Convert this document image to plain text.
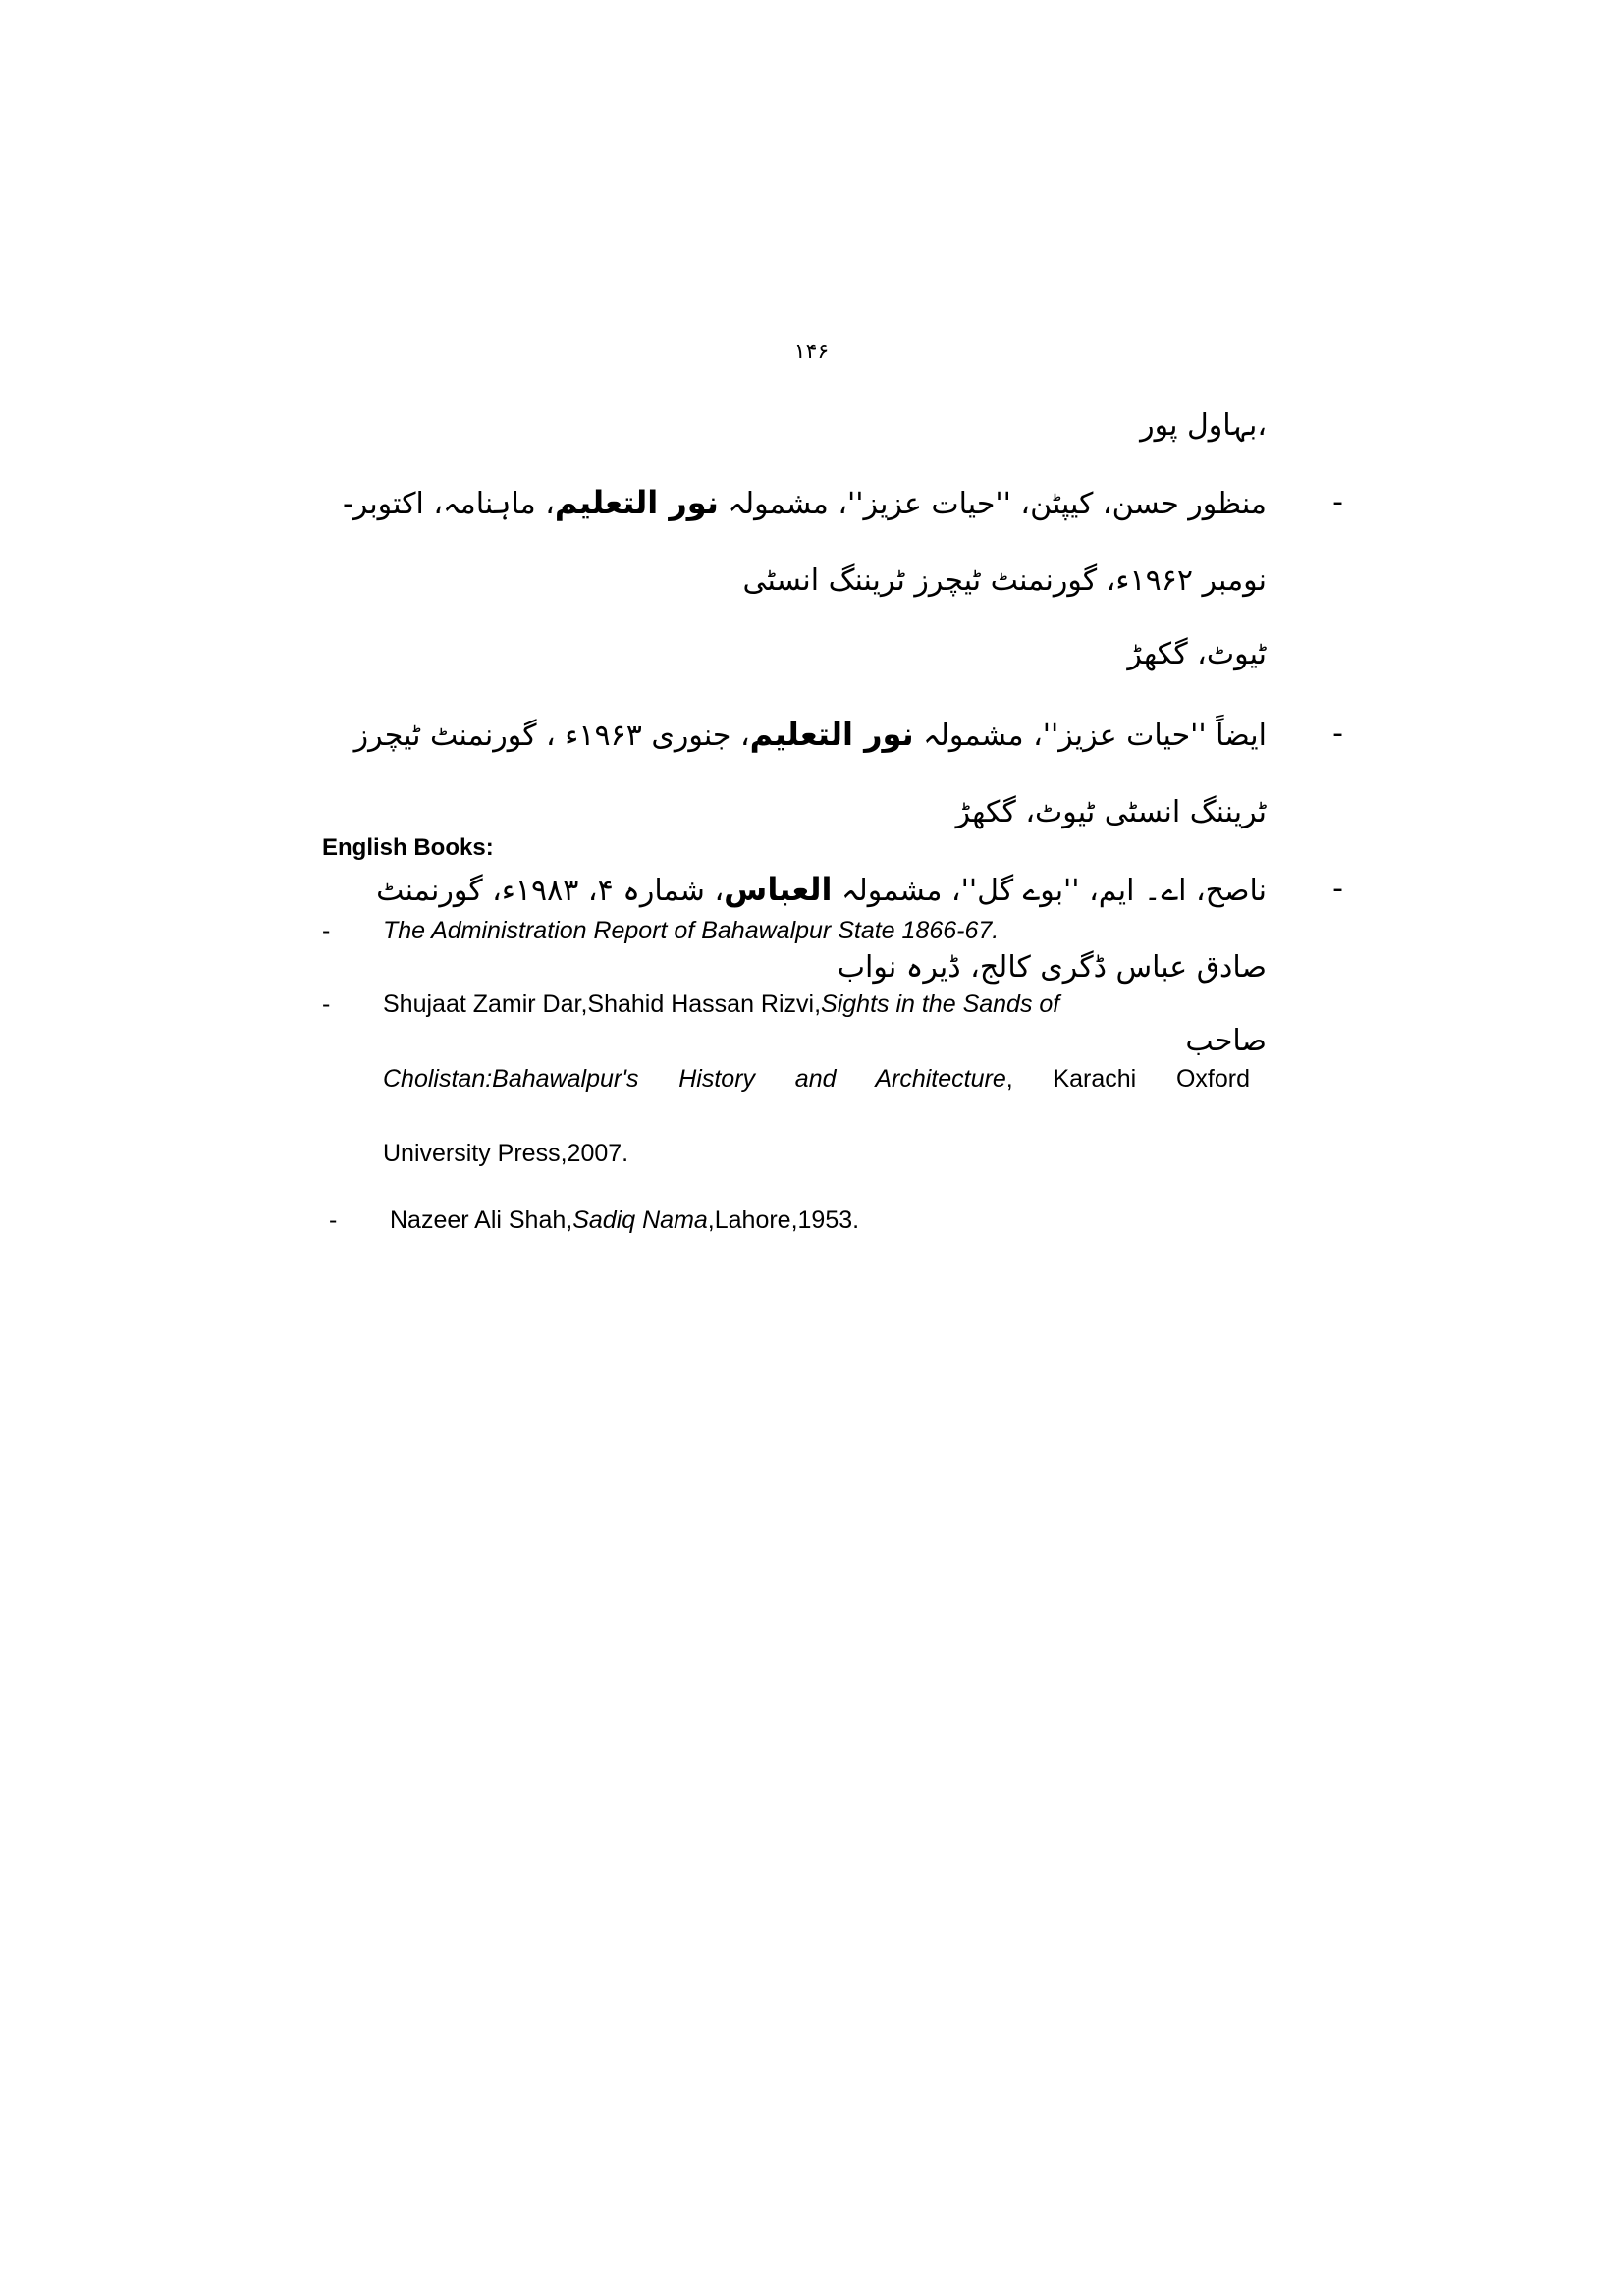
۱۴۶
،بہاول پور
-
منظور حسن، کیپٹن، ''حیات عزیز''، مشمولہ نور التعلیم، ماہنامہ، اکتوبر-نومبر ۱۹۶۲ء، گورنمنٹ ٹیچرز ٹریننگ انسٹی
ٹیوٹ، گکھڑ
-
ایضاً ''حیات عزیز''، مشمولہ نور التعلیم، جنوری ۱۹۶۳ء ، گورنمنٹ ٹیچرز ٹریننگ انسٹی ٹیوٹ، گکھڑ
-
ناصح، اے۔ ایم، ''بوے گل''، مشمولہ العباس، شمارہ ۴، ۱۹۸۳ء، گورنمنٹ صادق عباس ڈگری کالج، ڈیرہ نواب
صاحب
English Books:
- The Administration Report of Bahawalpur State 1866-67.
- Shujaat Zamir Dar,Shahid Hassan Rizvi,Sights in the Sands of
Cholistan:Bahawalpur's History and Architecture, Karachi Oxford
University Press,2007.
- Nazeer Ali Shah,Sadiq Nama,Lahore,1953.
